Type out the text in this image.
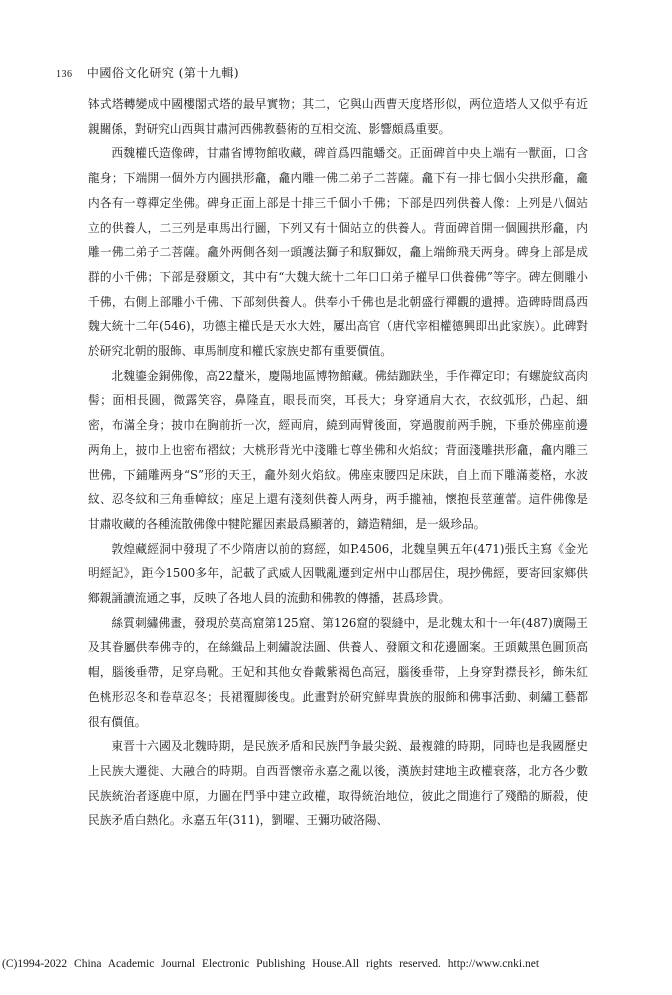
136 中國俗文化研究 (第十九輯)

钵式塔轉變成中國樓閣式塔的最早實物；其二，它與山西曹天度塔形似，两位造塔人又似乎有近親關係，對研究山西與甘肅河西佛教藝術的互相交流、影響頗爲重要。

西魏權氏造像碑，甘肅省博物館收藏，碑首爲四龍蟠交。正面碑首中央上端有一獸面，口含龍身；下端開一個外方内圓拱形龕，龕内雕一佛二弟子二菩薩。龕下有一排七個小尖拱形龕，龕内各有一尊禪定坐佛。碑身正面上部是十排三千個小千佛；下部是四列供養人像：上列是八個站立的供養人，二三列是車馬出行圖，下列又有十個站立的供養人。背面碑首開一個圓拱形龕，内雕一佛二弟子二菩薩。龕外两側各刻一頭護法獅子和馭獅奴，龕上端飾飛天两身。碑身上部是成群的小千佛；下部是發願文，其中有“大魏大統十二年口口弟子權早口供養佛”等字。碑左側雕小千佛，右側上部雕小千佛、下部刻供養人。供奉小千佛也是北朝盛行禪觀的遺搏。造碑時間爲西魏大統十二年(546)，功德主權氏是天水大姓，屢出高官（唐代宰相權德興即出此家族）。此碑對於研究北朝的服飾、車馬制度和權氏家族史都有重要價值。

北魏鎏金銅佛像，高22釐米，慶陽地區博物館藏。佛結跏趺坐，手作禪定印；有螺旋紋高肉髻；面相長圓，微露笑容，鼻隆直，眼長而突，耳長大；身穿通肩大衣，衣紋弧形，凸起、細密，布滿全身；披巾在胸前折一次，經両肩，繞到両臂後面，穿過腹前两手腕，下垂於佛座前邊两角上，披巾上也密布褶紋；大桃形背光中淺雕七尊坐佛和火焰紋；背面淺雕拱形龕，龕内雕三世佛，下鋪雕两身“S”形的天王，龕外刻火焰紋。佛座束腰四足床趺，自上而下雕滿菱格，水波紋、忍冬紋和三角垂幛紋；座足上還有淺刻供養人两身，两手攏袖，懷抱長莖蓮蕾。這件佛像是甘肅收藏的各種流散佛像中犍陀羅因素最爲顯著的，鑄造精細，是一級珍品。

敦煌藏經洞中發現了不少隋唐以前的寫經，如P.4506，北魏皇興五年(471)張氏主寫《金光明經記》，距今1500多年，記載了武威人因戰亂遷到定州中山郡居住，現抄佛經，要寄回家鄉供鄉親誦讀流通之事，反映了各地人員的流動和佛教的傳播，甚爲珍貴。

絲質刺繡佛畫，發現於莫高窟第125窟、第126窟的裂縫中，是北魏太和十一年(487)廣陽王及其眷屬供奉佛寺的，在絲織品上刺繡說法圖、供養人、發願文和花邊圖案。王頭戴黑色圓顶高帽，腦後垂帶，足穿烏靴。王妃和其他女眷戴紫褐色高冠，腦後垂带，上身穿對襟長衫，飾朱紅色桃形忍冬和卷草忍冬；長裙覆脚後曳。此畫對於研究鮮卑貴族的服飾和佛事活動、刺繡工藝都很有價值。

東晋十六國及北魏時期，是民族矛盾和民族鬥争最尖鋭、最複雜的時期，同時也是我國歷史上民族大遷徙、大融合的時期。自西晋懷帝永嘉之亂以後，漢族封建地主政權衰落，北方各少數民族統治者逐鹿中原，力圖在鬥爭中建立政權，取得統治地位，彼此之間進行了殘酷的厮殺，使民族矛盾白熱化。永嘉五年(311)，劉曜、王彌功破洛陽、

(C)1994-2022 China Academic Journal Electronic Publishing House.All rights reserved. http://www.cnki.net
